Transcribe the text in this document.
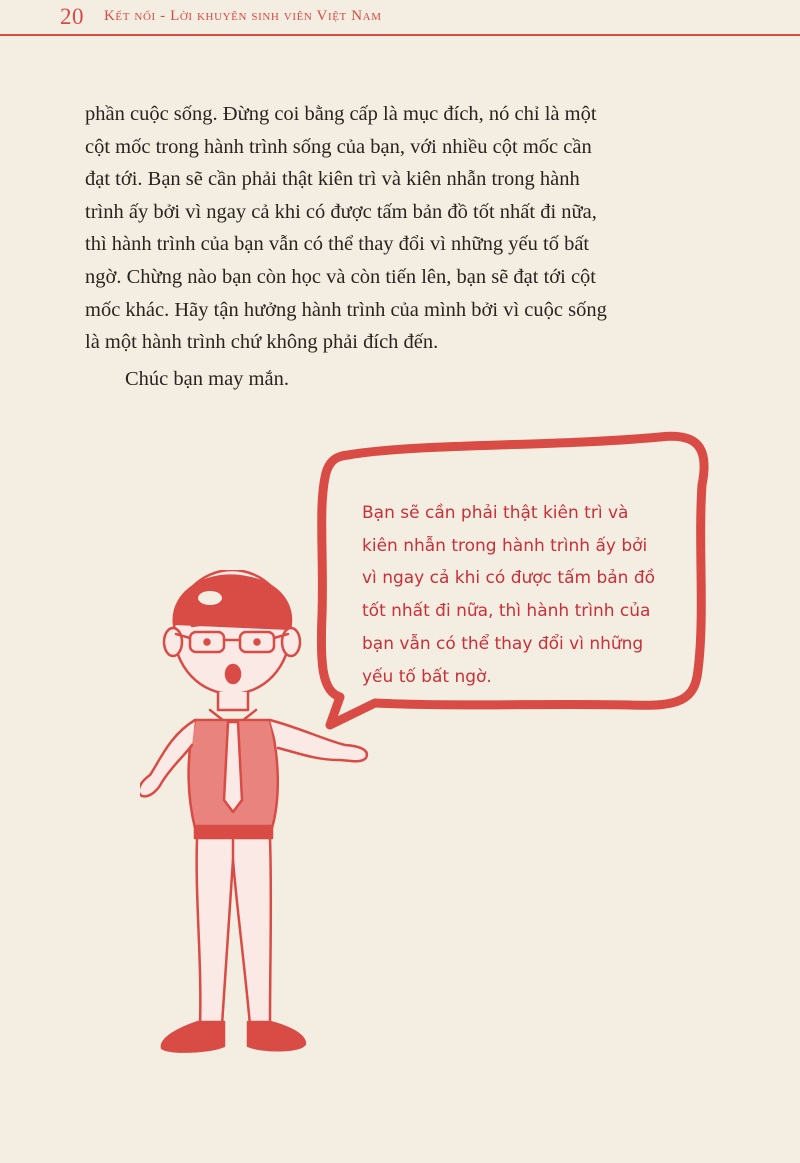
20 Kết nối - Lời khuyên sinh viên Việt Nam

phần cuộc sống. Đừng coi bằng cấp là mục đích, nó chỉ là một
cột mốc trong hành trình sống của bạn, với nhiều cột mốc cần
đạt tới. Bạn sẽ cần phải thật kiên trì và kiên nhẫn trong hành
trình ấy bởi vì ngay cả khi có được tấm bản đồ tốt nhất đi nữa,
thì hành trình của bạn vẫn có thể thay đổi vì những yếu tố bất
ngờ. Chừng nào bạn còn học và còn tiến lên, bạn sẽ đạt tới cột
mốc khác. Hãy tận hưởng hành trình của mình bởi vì cuộc sống
là một hành trình chứ không phải đích đến.

Chúc bạn may mắn.
Bạn sẽ cần phải thật kiên trì và
kiên nhẫn trong hành trình ấy bởi
vì ngay cả khi có được tấm bản đồ
tốt nhất đi nữa, thì hành trình của
bạn vẫn có thể thay đổi vì những
yếu tố bất ngờ.
